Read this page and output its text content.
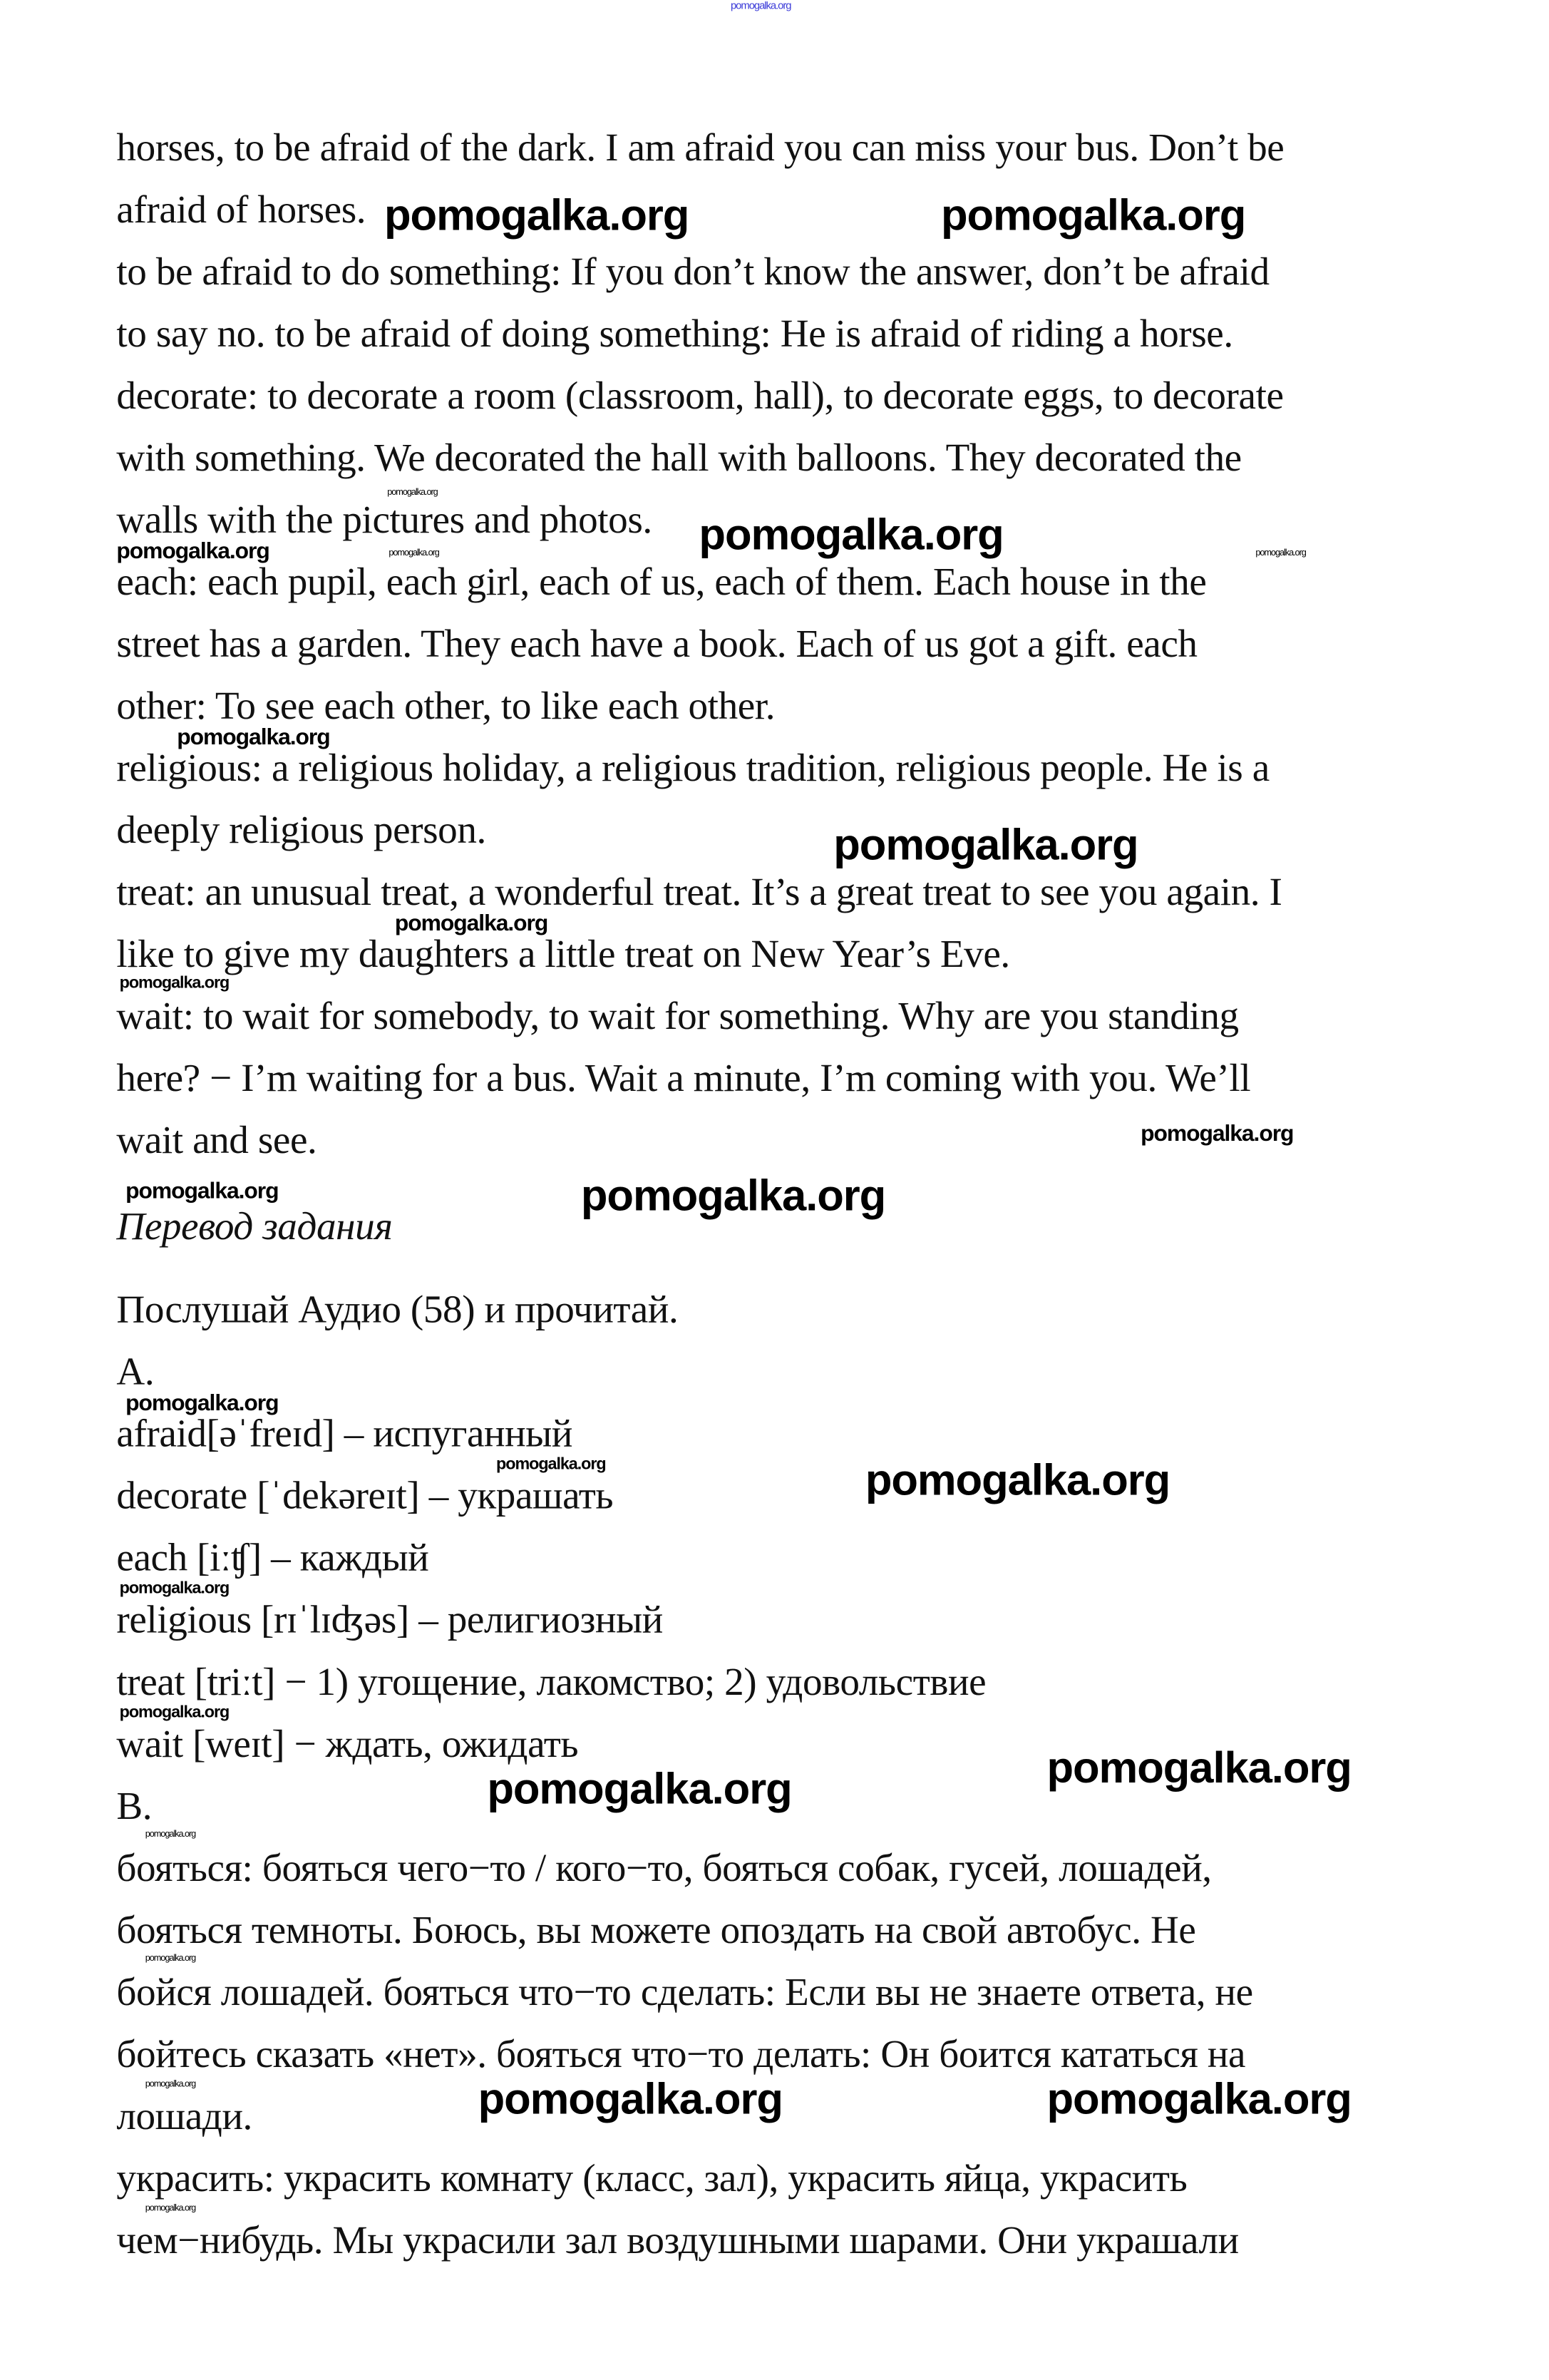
horses, to be afraid of the dark. I am afraid you can miss your bus. Don’t be
afraid of horses.
to be afraid to do something: If you don’t know the answer, don’t be afraid
to say no. to be afraid of doing something: He is afraid of riding a horse.
decorate: to decorate a room (classroom, hall), to decorate eggs, to decorate
with something. We decorated the hall with balloons. They decorated the
walls with the pictures and photos.
each: each pupil, each girl, each of us, each of them. Each house in the
street has a garden. They each have a book. Each of us got a gift. each
other: To see each other, to like each other.
religious: a religious holiday, a religious tradition, religious people. He is a
deeply religious person.
treat: an unusual treat, a wonderful treat. It’s a great treat to see you again. I
like to give my daughters a little treat on New Year’s Eve.
wait: to wait for somebody, to wait for something. Why are you standing
here? − I’m waiting for a bus. Wait a minute, I’m coming with you. We’ll
wait and see.
Перевод задания
Послушай Аудио (58) и прочитай.
A.
afraid[əˈfreɪd] – испуганный
decorate [ˈdekəreɪt] – украшать
each [iːʧ] – каждый
religious [rɪˈlɪʤəs] – религиозный
treat [triːt] − 1) угощение, лакомство; 2) удовольствие
wait [weɪt] − ждать, ожидать
B.
бояться: бояться чего−то / кого−то, бояться собак, гусей, лошадей,
бояться темноты. Боюсь, вы можете опоздать на свой автобус. Не
бойся лошадей. бояться что−то сделать: Если вы не знаете ответа, не
бойтесь сказать «нет». бояться что−то делать: Он боится кататься на
лошади.
украсить: украсить комнату (класс, зал), украсить яйца, украсить
чем−нибудь. Мы украсили зал воздушными шарами. Они украшали
pomogalka.org
pomogalka.org	pomogalka.org
pomogalka.org
pomogalka.org
pomogalka.org	pomogalka.org	pomogalka.org
pomogalka.org
pomogalka.org
pomogalka.org
pomogalka.org
pomogalka.org
pomogalka.org	pomogalka.org
pomogalka.org
pomogalka.org	pomogalka.org
pomogalka.org
pomogalka.org
pomogalka.org
pomogalka.org
pomogalka.org
pomogalka.org
pomogalka.org	pomogalka.org	pomogalka.org
pomogalka.org
